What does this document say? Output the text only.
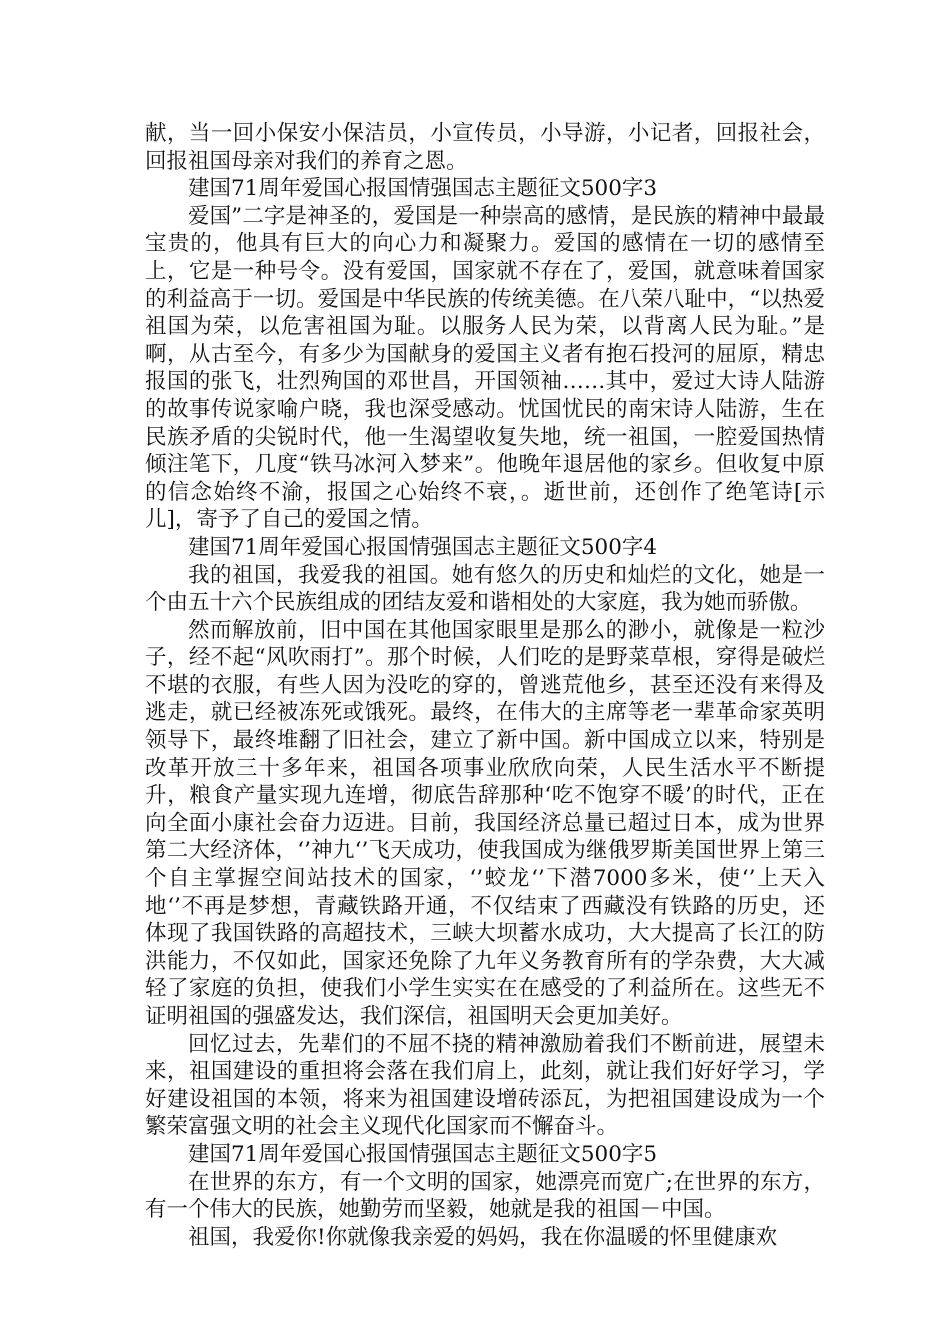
献，当一回小保安小保洁员，小宣传员，小导游，小记者，回报社会，回报祖国母亲对我们的养育之恩。

建国71周年爱国心报国情强国志主题征文500字3

爱国”二字是神圣的，爱国是一种崇高的感情，是民族的精神中最最宝贵的，他具有巨大的向心力和凝聚力。爱国的感情在一切的感情至上，它是一种号令。没有爱国，国家就不存在了，爱国，就意味着国家的利益高于一切。爱国是中华民族的传统美德。在八荣八耻中，“以热爱祖国为荣，以危害祖国为耻。以服务人民为荣，以背离人民为耻。”是啊，从古至今，有多少为国献身的爱国主义者有抱石投河的屈原，精忠报国的张飞，壮烈殉国的邓世昌，开国领袖……其中，爱过大诗人陆游的故事传说家喻户晓，我也深受感动。忧国忧民的南宋诗人陆游，生在民族矛盾的尖锐时代，他一生渴望收复失地，统一祖国，一腔爱国热情倾注笔下，几度“铁马冰河入梦来”。他晚年退居他的家乡。但收复中原的信念始终不渝，报国之心始终不衰，。逝世前，还创作了绝笔诗[示儿]，寄予了自己的爱国之情。

建国71周年爱国心报国情强国志主题征文500字4

我的祖国，我爱我的祖国。她有悠久的历史和灿烂的文化，她是一个由五十六个民族组成的团结友爱和谐相处的大家庭，我为她而骄傲。

然而解放前，旧中国在其他国家眼里是那么的渺小，就像是一粒沙子，经不起“风吹雨打”。那个时候，人们吃的是野菜草根，穿得是破烂不堪的衣服，有些人因为没吃的穿的，曾逃荒他乡，甚至还没有来得及逃走，就已经被冻死或饿死。最终，在伟大的主席等老一辈革命家英明领导下，最终堆翻了旧社会，建立了新中国。新中国成立以来，特别是改革开放三十多年来，祖国各项事业欣欣向荣，人民生活水平不断提升，粮食产量实现九连增，彻底告辞那种‘吃不饱穿不暖’的时代，正在向全面小康社会奋力迈进。目前，我国经济总量已超过日本，成为世界第二大经济体，‘’神九‘’飞天成功，使我国成为继俄罗斯美国世界上第三个自主掌握空间站技术的国家，‘’蛟龙‘’下潜7000多米，使‘’上天入地‘’不再是梦想，青藏铁路开通，不仅结束了西藏没有铁路的历史，还体现了我国铁路的高超技术，三峡大坝蓄水成功，大大提高了长江的防洪能力，不仅如此，国家还免除了九年义务教育所有的学杂费，大大减轻了家庭的负担，使我们小学生实实在在感受的了利益所在。这些无不证明祖国的强盛发达，我们深信，祖国明天会更加美好。

回忆过去，先辈们的不屈不挠的精神激励着我们不断前进，展望未来，祖国建设的重担将会落在我们肩上，此刻，就让我们好好学习，学好建设祖国的本领，将来为祖国建设增砖添瓦，为把祖国建设成为一个繁荣富强文明的社会主义现代化国家而不懈奋斗。

建国71周年爱国心报国情强国志主题征文500字5

在世界的东方，有一个文明的国家，她漂亮而宽广;在世界的东方，有一个伟大的民族，她勤劳而坚毅，她就是我的祖国－中国。

祖国，我爱你!你就像我亲爱的妈妈，我在你温暖的怀里健康欢
